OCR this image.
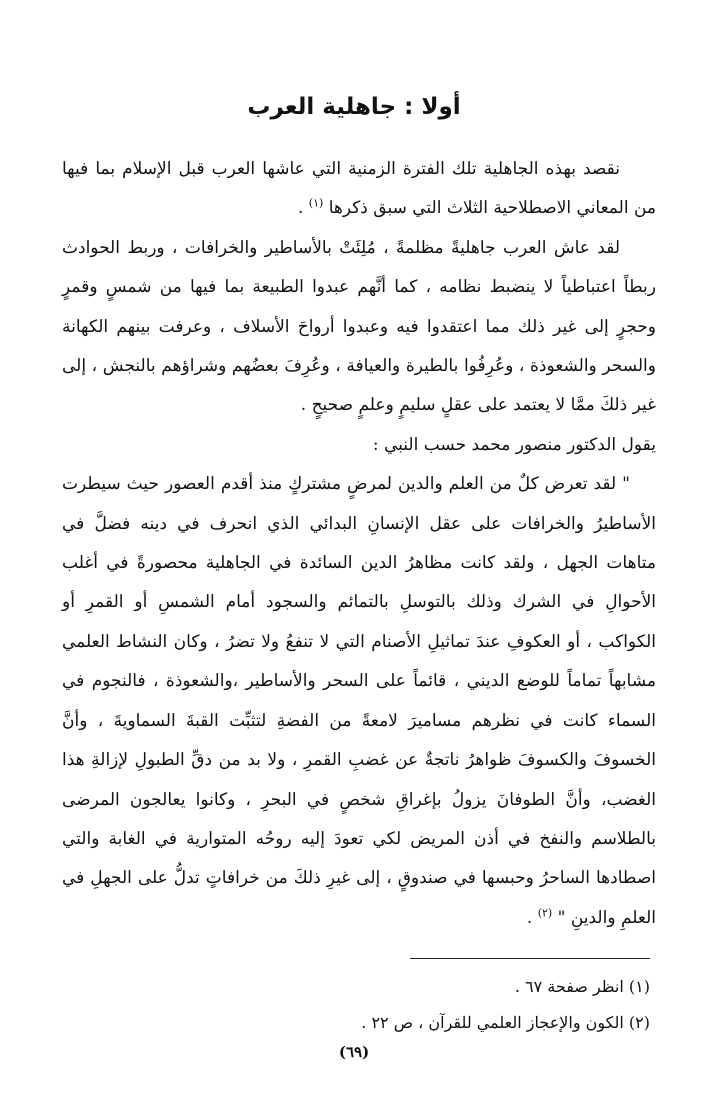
أولا : جاهلية العرب

نقصد بهذه الجاهلية تلك الفترة الزمنية التي عاشها العرب قبل الإسلام بما فيها من المعاني الاصطلاحية الثلاث التي سبق ذكرها $^{(١)}$ .

لقد عاش العرب جاهليةً مظلمةً ، مُلِئَتْ بالأساطير والخرافات ، وربط الحوادث ربطاً اعتباطياً لا ينضبط نظامه ، كما أنَّهم عبدوا الطبيعة بما فيها من شمسٍ وقمرٍ وحجرٍ إلى غير ذلك مما اعتقدوا فيه وعبدوا أرواحَ الأسلاف ، وعرفت بينهم الكهانة والسحر والشعوذة ، وعُرِفُوا بالطيرة والعيافة ، وعُرِفَ بعضُهم وشراؤهم بالنجش ، إلى غير ذلكَ ممَّا لا يعتمد على عقلٍ سليمٍ وعلمٍ صحيحٍ .

يقول الدكتور منصور محمد حسب النبي :

" لقد تعرض كلٌ من العلم والدين لمرضٍ مشتركٍ منذ أقدم العصور حيث سيطرت الأساطيرُ والخرافات على عقل الإنسانِ البدائي الذي انحرف في دينه فضلَّ في متاهات الجهل ، ولقد كانت مظاهرُ الدين السائدة في الجاهلية محصورةً في أغلب الأحوالِ في الشرك وذلك بالتوسلِ بالتمائم والسجود أمام الشمسِ أو القمرِ أو الكواكب ، أو العكوفِ عندَ تماثيلِ الأصنام التي لا تنفعُ ولا تضرُ ، وكان النشاط العلمي مشابهاً تماماً للوضع الديني ، قائماً على السحر والأساطير ،والشعوذة ، فالنجوم في السماء كانت في نظرهم مساميرَ لامعةً من الفضةِ لتثبِّت القبةَ السماويةَ ، وأنَّ الخسوفَ والكسوفَ ظواهرُ ناتجةٌ عن غضبِ القمرِ ، ولا بد من دقِّ الطبولِ لإزالةِ هذا الغضب، وأنَّ الطوفانَ يزولُ بإغراقِ شخصٍ في البحرِ ، وكانوا يعالجون المرضى بالطلاسم والنفخ في أذن المريض لكي تعودَ إليه روحُه المتوارية في الغابة والتي اصطادها الساحرُ وحبسها في صندوقٍ ، إلى غيرِ ذلكَ من خرافاتٍ تدلُّ على الجهلِ في العلمِ والدينِ " $^{(٢)}$ .

(١) انظر صفحة ٦٧ .
(٢) الكون والإعجاز العلمي للقرآن ، ص ٢٢ .
(٦٩)
